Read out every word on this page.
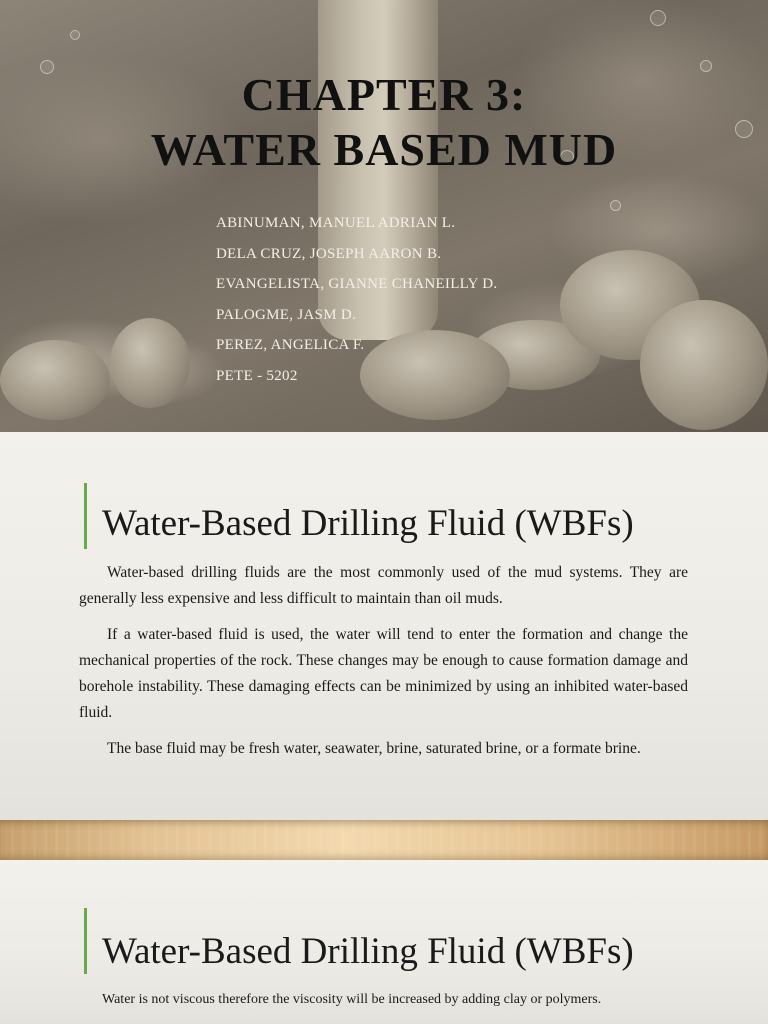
CHAPTER 3:
WATER BASED MUD
ABINUMAN, MANUEL ADRIAN L.
DELA CRUZ, JOSEPH AARON B.
EVANGELISTA, GIANNE CHANEILLY D.
PALOGME, JASM D.
PEREZ, ANGELICA F.
PETE - 5202
Water-Based Drilling Fluid (WBFs)

Water-based drilling fluids are the most commonly used of the mud systems. They are generally less expensive and less difficult to maintain than oil muds.

If a water-based fluid is used, the water will tend to enter the formation and change the mechanical properties of the rock. These changes may be enough to cause formation damage and borehole instability. These damaging effects can be minimized by using an inhibited water-based fluid.

The base fluid may be fresh water, seawater, brine, saturated brine, or a formate brine.

Water-Based Drilling Fluid (WBFs)

Water is not viscous therefore the viscosity will be increased by adding clay or polymers.
